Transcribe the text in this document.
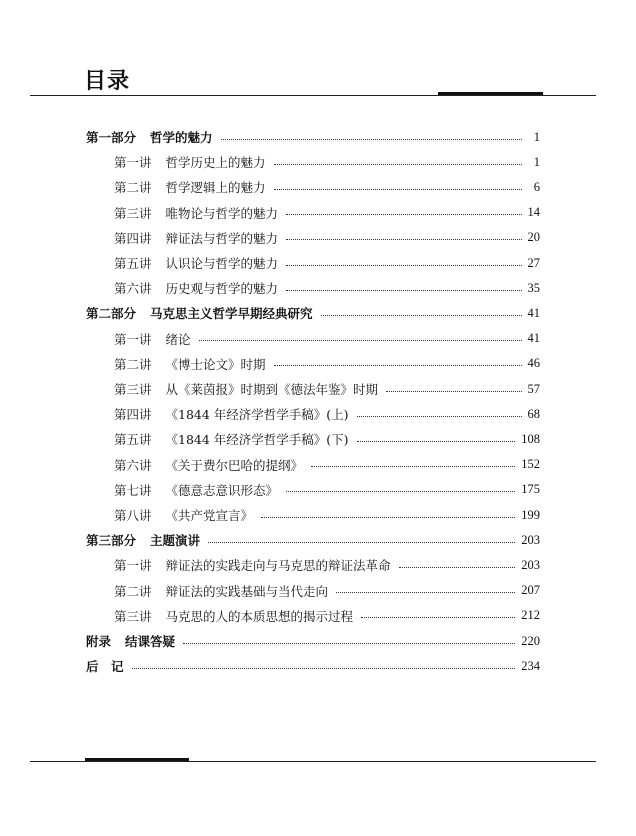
目录
第一部分 哲学的魅力	1
第一讲 哲学历史上的魅力	1
第二讲 哲学逻辑上的魅力	6
第三讲 唯物论与哲学的魅力	14
第四讲 辩证法与哲学的魅力	20
第五讲 认识论与哲学的魅力	27
第六讲 历史观与哲学的魅力	35
第二部分 马克思主义哲学早期经典研究	41
第一讲 绪论	41
第二讲 《博士论文》时期	46
第三讲 从《莱茵报》时期到《德法年鉴》时期	57
第四讲 《1844 年经济学哲学手稿》(上)	68
第五讲 《1844 年经济学哲学手稿》(下)	108
第六讲 《关于费尔巴哈的提纲》	152
第七讲 《德意志意识形态》	175
第八讲 《共产党宣言》	199
第三部分 主题演讲	203
第一讲 辩证法的实践走向与马克思的辩证法革命	203
第二讲 辩证法的实践基础与当代走向	207
第三讲 马克思的人的本质思想的揭示过程	212
附录 结课答疑	220
后　记	234
